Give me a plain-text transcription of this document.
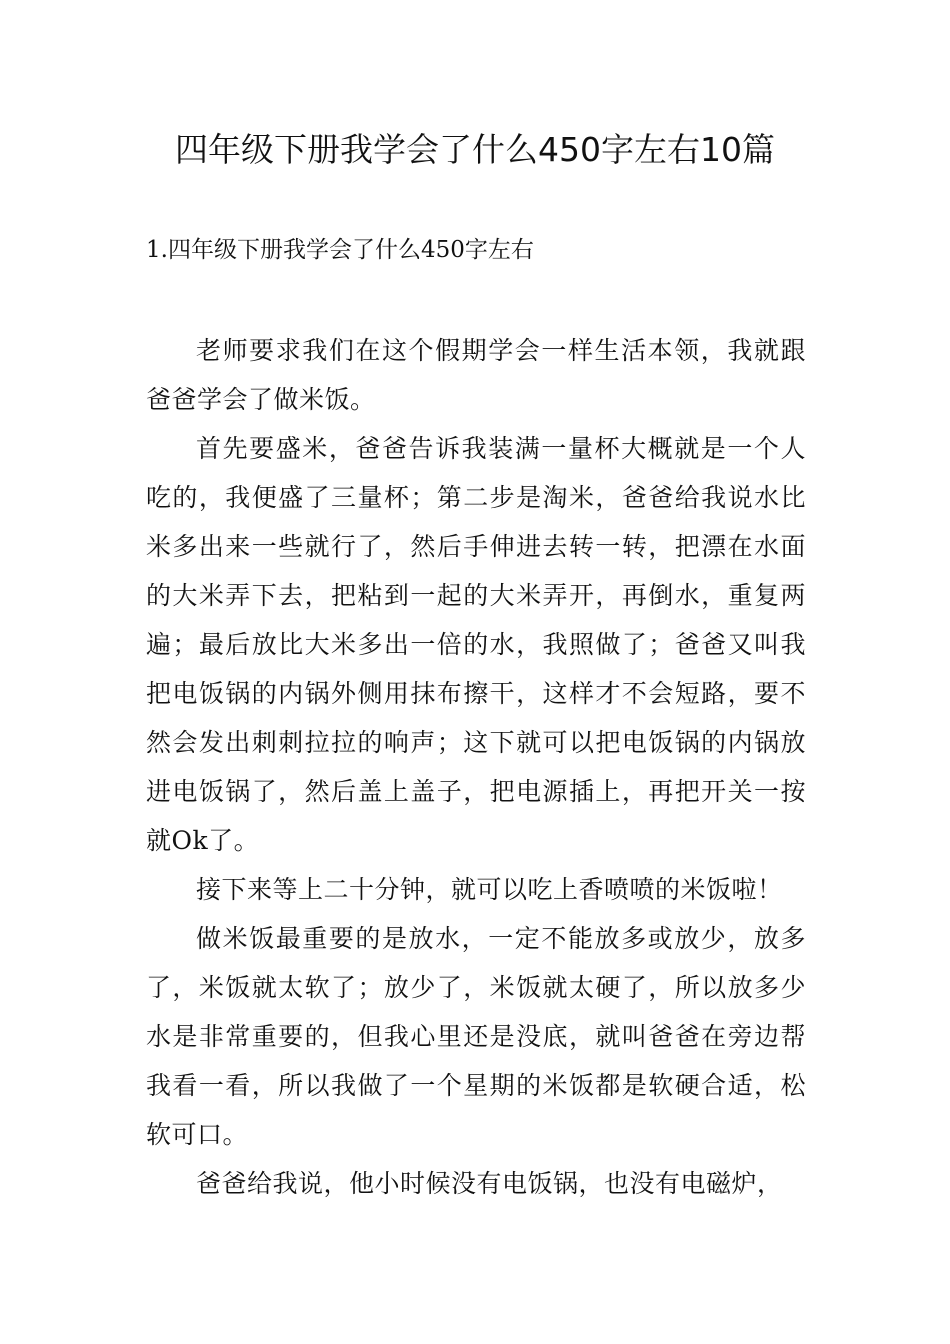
四年级下册我学会了什么450字左右10篇
1.四年级下册我学会了什么450字左右

老师要求我们在这个假期学会一样生活本领，我就跟爸爸学会了做米饭。

首先要盛米，爸爸告诉我装满一量杯大概就是一个人吃的，我便盛了三量杯；第二步是淘米，爸爸给我说水比米多出来一些就行了，然后手伸进去转一转，把漂在水面的大米弄下去，把粘到一起的大米弄开，再倒水，重复两遍；最后放比大米多出一倍的水，我照做了；爸爸又叫我把电饭锅的内锅外侧用抹布擦干，这样才不会短路，要不然会发出刺刺拉拉的响声；这下就可以把电饭锅的内锅放进电饭锅了，然后盖上盖子，把电源插上，再把开关一按就Ok了。

接下来等上二十分钟，就可以吃上香喷喷的米饭啦！

做米饭最重要的是放水，一定不能放多或放少，放多了，米饭就太软了；放少了，米饭就太硬了，所以放多少水是非常重要的，但我心里还是没底，就叫爸爸在旁边帮我看一看，所以我做了一个星期的米饭都是软硬合适，松软可口。

爸爸给我说，他小时候没有电饭锅，也没有电磁炉，
